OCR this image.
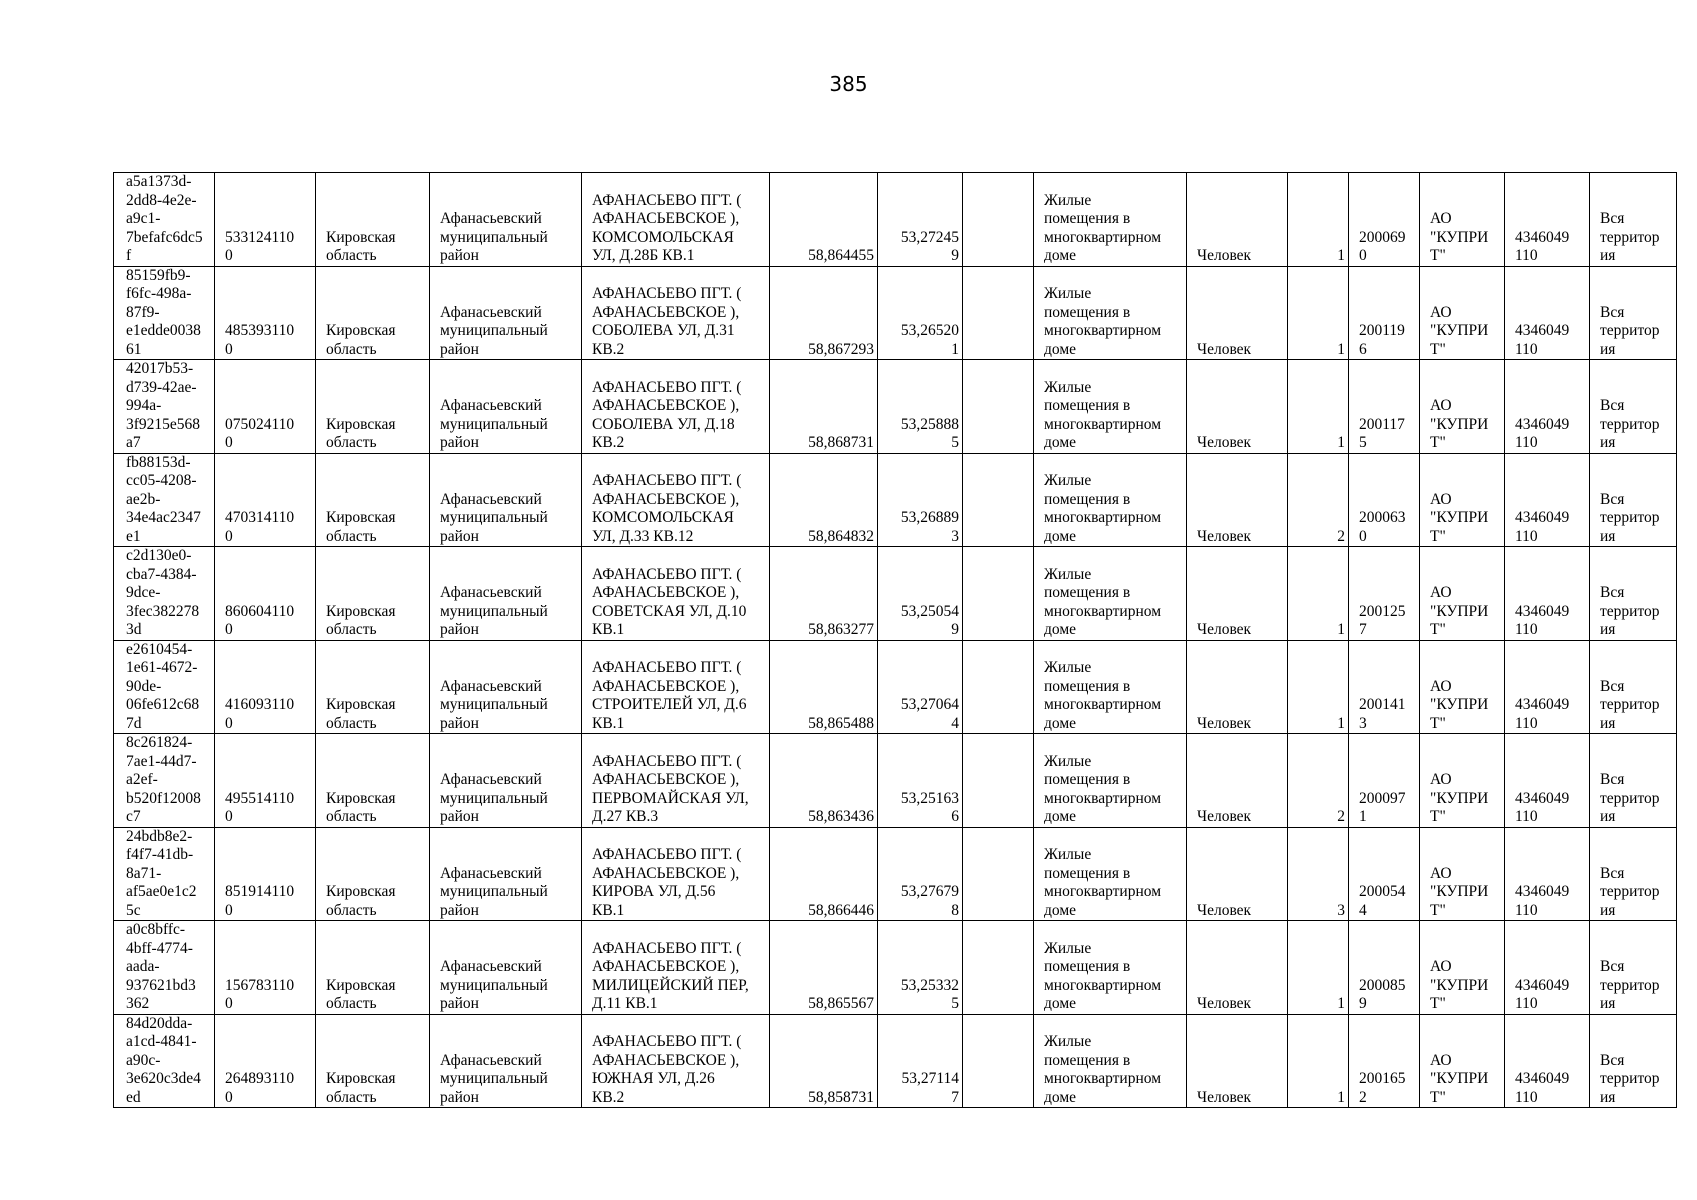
385
a5a1373d-
2dd8-4e2e-
a9c1-
7befafc6dc5
f	533124110
0	Кировская
область	Афанасьевский
муниципальный
район	АФАНАСЬЕВО ПГТ. (
АФАНАСЬЕВСКОЕ ),
КОМСОМОЛЬСКАЯ
УЛ, Д.28Б КВ.1	58,864455	53,27245
9		Жилые
помещения в
многоквартирном
доме	Человек	1	200069
0	АО
"КУПРИ
Т"	4346049
110	Вся
территор
ия

85159fb9-
f6fc-498a-
87f9-
e1edde0038
61	485393110
0	Кировская
область	Афанасьевский
муниципальный
район	АФАНАСЬЕВО ПГТ. (
АФАНАСЬЕВСКОЕ ),
СОБОЛЕВА УЛ, Д.31
КВ.2	58,867293	53,26520
1		Жилые
помещения в
многоквартирном
доме	Человек	1	200119
6	АО
"КУПРИ
Т"	4346049
110	Вся
территор
ия

42017b53-
d739-42ae-
994a-
3f9215e568
a7	075024110
0	Кировская
область	Афанасьевский
муниципальный
район	АФАНАСЬЕВО ПГТ. (
АФАНАСЬЕВСКОЕ ),
СОБОЛЕВА УЛ, Д.18
КВ.2	58,868731	53,25888
5		Жилые
помещения в
многоквартирном
доме	Человек	1	200117
5	АО
"КУПРИ
Т"	4346049
110	Вся
территор
ия

fb88153d-
cc05-4208-
ae2b-
34e4ac2347
e1	470314110
0	Кировская
область	Афанасьевский
муниципальный
район	АФАНАСЬЕВО ПГТ. (
АФАНАСЬЕВСКОЕ ),
КОМСОМОЛЬСКАЯ
УЛ, Д.33 КВ.12	58,864832	53,26889
3		Жилые
помещения в
многоквартирном
доме	Человек	2	200063
0	АО
"КУПРИ
Т"	4346049
110	Вся
территор
ия

c2d130e0-
cba7-4384-
9dce-
3fec382278
3d	860604110
0	Кировская
область	Афанасьевский
муниципальный
район	АФАНАСЬЕВО ПГТ. (
АФАНАСЬЕВСКОЕ ),
СОВЕТСКАЯ УЛ, Д.10
КВ.1	58,863277	53,25054
9		Жилые
помещения в
многоквартирном
доме	Человек	1	200125
7	АО
"КУПРИ
Т"	4346049
110	Вся
территор
ия

e2610454-
1e61-4672-
90de-
06fe612c68
7d	416093110
0	Кировская
область	Афанасьевский
муниципальный
район	АФАНАСЬЕВО ПГТ. (
АФАНАСЬЕВСКОЕ ),
СТРОИТЕЛЕЙ УЛ, Д.6
КВ.1	58,865488	53,27064
4		Жилые
помещения в
многоквартирном
доме	Человек	1	200141
3	АО
"КУПРИ
Т"	4346049
110	Вся
территор
ия

8c261824-
7ae1-44d7-
a2ef-
b520f12008
c7	495514110
0	Кировская
область	Афанасьевский
муниципальный
район	АФАНАСЬЕВО ПГТ. (
АФАНАСЬЕВСКОЕ ),
ПЕРВОМАЙСКАЯ УЛ,
Д.27 КВ.3	58,863436	53,25163
6		Жилые
помещения в
многоквартирном
доме	Человек	2	200097
1	АО
"КУПРИ
Т"	4346049
110	Вся
территор
ия

24bdb8e2-
f4f7-41db-
8a71-
af5ae0e1c2
5c	851914110
0	Кировская
область	Афанасьевский
муниципальный
район	АФАНАСЬЕВО ПГТ. (
АФАНАСЬЕВСКОЕ ),
КИРОВА УЛ, Д.56
КВ.1	58,866446	53,27679
8		Жилые
помещения в
многоквартирном
доме	Человек	3	200054
4	АО
"КУПРИ
Т"	4346049
110	Вся
территор
ия

a0c8bffc-
4bff-4774-
aada-
937621bd3
362	156783110
0	Кировская
область	Афанасьевский
муниципальный
район	АФАНАСЬЕВО ПГТ. (
АФАНАСЬЕВСКОЕ ),
МИЛИЦЕЙСКИЙ ПЕР,
Д.11 КВ.1	58,865567	53,25332
5		Жилые
помещения в
многоквартирном
доме	Человек	1	200085
9	АО
"КУПРИ
Т"	4346049
110	Вся
территор
ия

84d20dda-
a1cd-4841-
a90c-
3e620c3de4
ed	264893110
0	Кировская
область	Афанасьевский
муниципальный
район	АФАНАСЬЕВО ПГТ. (
АФАНАСЬЕВСКОЕ ),
ЮЖНАЯ УЛ, Д.26
КВ.2	58,858731	53,27114
7		Жилые
помещения в
многоквартирном
доме	Человек	1	200165
2	АО
"КУПРИ
Т"	4346049
110	Вся
территор
ия
